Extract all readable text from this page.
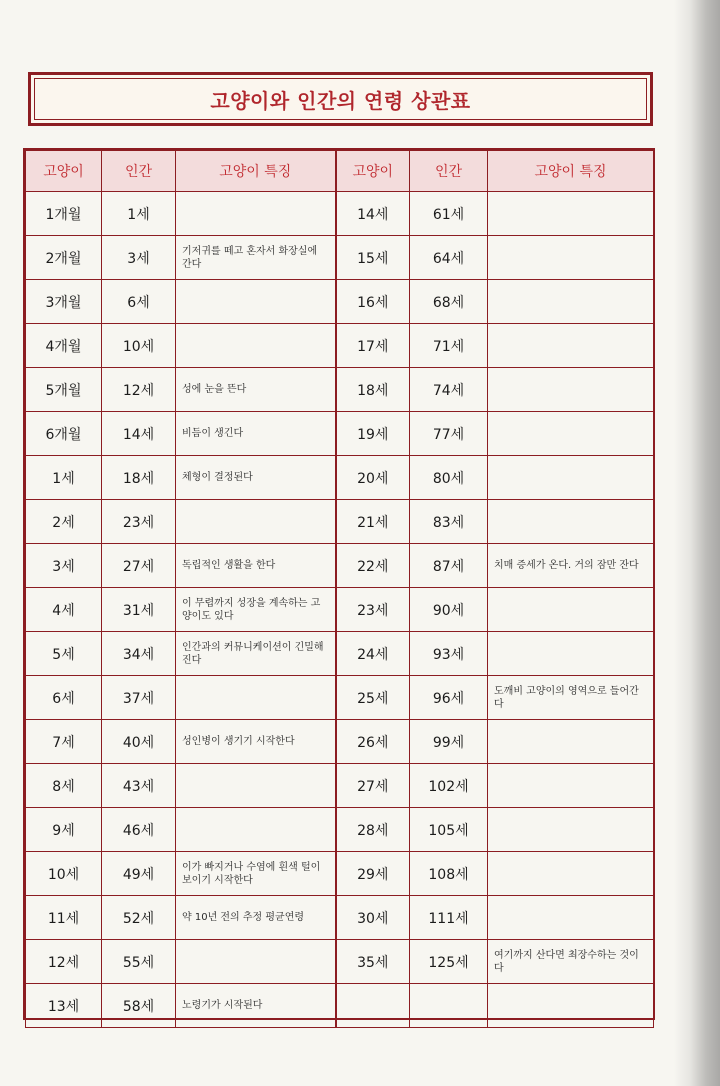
고양이와 인간의 연령 상관표
고양이	인간	고양이 특징	고양이	인간	고양이 특징
1개월	1세		14세	61세	
2개월	3세	기저귀를 떼고 혼자서 화장실에 간다	15세	64세	
3개월	6세		16세	68세	
4개월	10세		17세	71세	
5개월	12세	성에 눈을 뜬다	18세	74세	
6개월	14세	비듬이 생긴다	19세	77세	
1세	18세	체형이 결정된다	20세	80세	
2세	23세		21세	83세	
3세	27세	독립적인 생활을 한다	22세	87세	치매 증세가 온다. 거의 잠만 잔다
4세	31세	이 무렵까지 성장을 계속하는 고양이도 있다	23세	90세	
5세	34세	인간과의 커뮤니케이션이 긴밀해진다	24세	93세	
6세	37세		25세	96세	도깨비 고양이의 영역으로 들어간다
7세	40세	성인병이 생기기 시작한다	26세	99세	
8세	43세		27세	102세	
9세	46세		28세	105세	
10세	49세	이가 빠지거나 수염에 흰색 털이 보이기 시작한다	29세	108세	
11세	52세	약 10년 전의 추정 평균연령	30세	111세	
12세	55세		35세	125세	여기까지 산다면 최장수하는 것이다
13세	58세	노령기가 시작된다			
